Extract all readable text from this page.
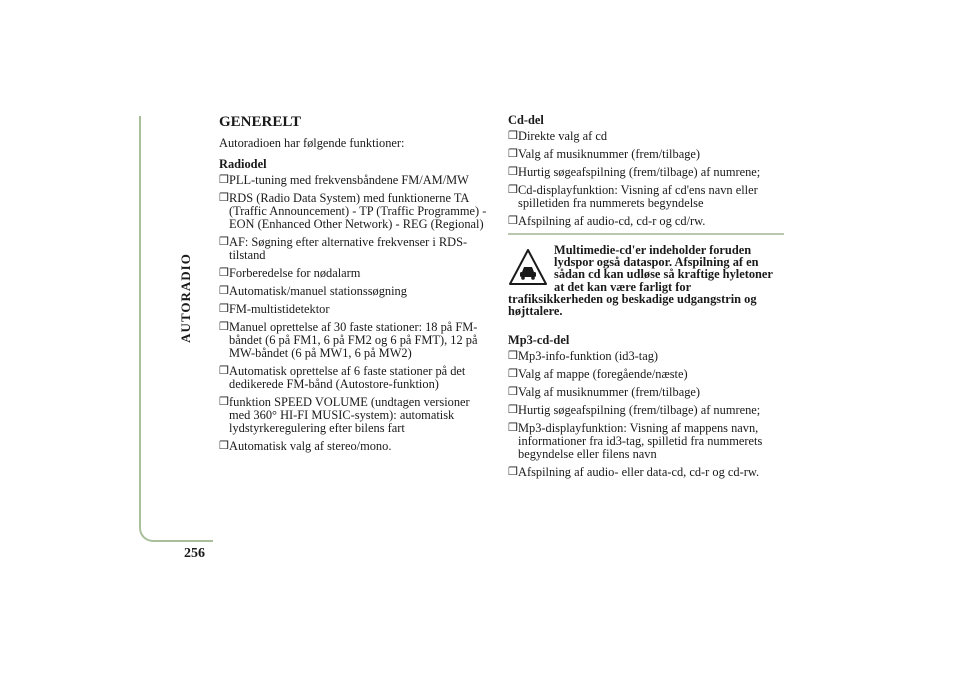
AUTORADIO
256
GENERELT
Autoradioen har følgende funktioner:
Radiodel
❒ PLL-tuning med frekvensbåndene FM/AM/MW
❒ RDS (Radio Data System) med funktionerne TA (Traffic Announcement) - TP (Traffic Programme) - EON (Enhanced Other Network) - REG (Regional)
❒ AF: Søgning efter alternative frekvenser i RDS-tilstand
❒ Forberedelse for nødalarm
❒ Automatisk/manuel stationssøgning
❒ FM-multistidetektor
❒ Manuel oprettelse af 30 faste stationer: 18 på FM-båndet (6 på FM1, 6 på FM2 og 6 på FMT), 12 på MW-båndet (6 på MW1, 6 på MW2)
❒ Automatisk oprettelse af 6 faste stationer på det dedikerede FM-bånd (Autostore-funktion)
❒ funktion SPEED VOLUME (undtagen versioner med 360° HI-FI MUSIC-system): automatisk lydstyrkeregulering efter bilens fart
❒ Automatisk valg af stereo/mono.
Cd-del
❒ Direkte valg af cd
❒ Valg af musiknummer (frem/tilbage)
❒ Hurtig søgeafspilning (frem/tilbage) af numrene;
❒ Cd-displayfunktion: Visning af cd'ens navn eller spilletiden fra nummerets begyndelse
❒ Afspilning af audio-cd, cd-r og cd/rw.
Multimedie-cd'er indeholder foruden lydspor også dataspor. Afspilning af en sådan cd kan udløse så kraftige hyletoner at det kan være farligt for trafiksikkerheden og beskadige udgangstrin og højttalere.
Mp3-cd-del
❒ Mp3-info-funktion (id3-tag)
❒ Valg af mappe (foregående/næste)
❒ Valg af musiknummer (frem/tilbage)
❒ Hurtig søgeafspilning (frem/tilbage) af numrene;
❒ Mp3-displayfunktion: Visning af mappens navn, informationer fra id3-tag, spilletid fra nummerets begyndelse eller filens navn
❒ Afspilning af audio- eller data-cd, cd-r og cd-rw.
